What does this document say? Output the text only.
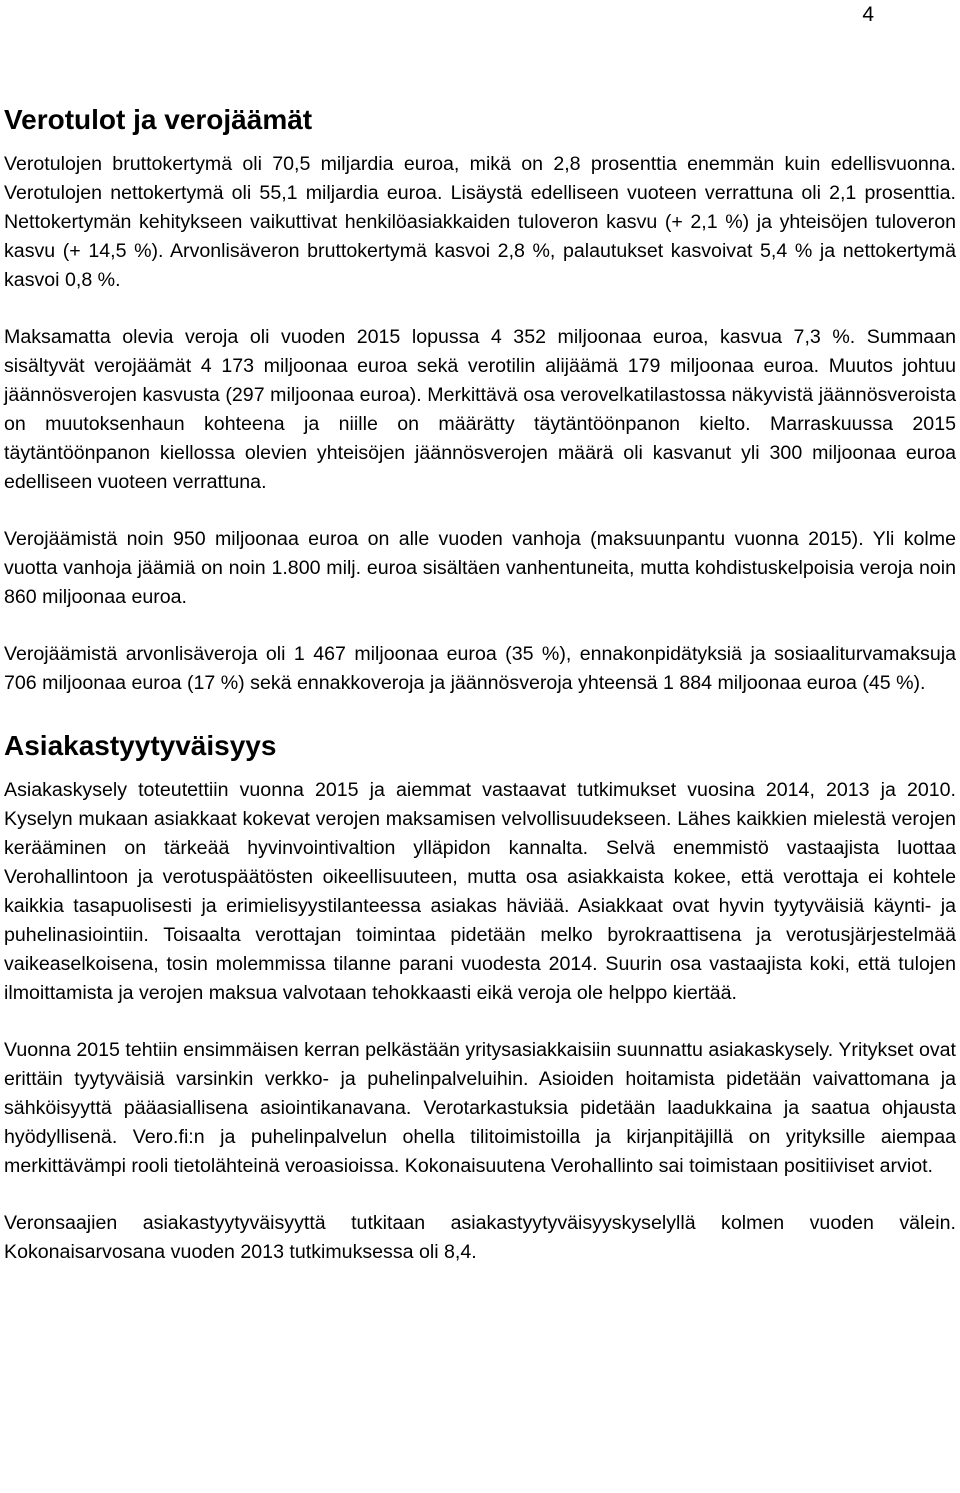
4
Verotulot ja verojäämät

Verotulojen bruttokertymä oli 70,5 miljardia euroa, mikä on 2,8 prosenttia enemmän kuin edellisvuonna. Verotulojen nettokertymä oli 55,1 miljardia euroa. Lisäystä edelliseen vuoteen verrattuna oli 2,1 prosenttia. Nettokertymän kehitykseen vaikuttivat henkilöasiakkaiden tuloveron kasvu (+ 2,1 %) ja yhteisöjen tuloveron kasvu (+ 14,5 %). Arvonlisäveron bruttokertymä kasvoi 2,8 %, palautukset kasvoivat 5,4 % ja nettokertymä kasvoi 0,8 %.

Maksamatta olevia veroja oli vuoden 2015 lopussa 4 352 miljoonaa euroa, kasvua 7,3 %. Summaan sisältyvät verojäämät 4 173 miljoonaa euroa sekä verotilin alijäämä 179 miljoonaa euroa. Muutos johtuu jäännösverojen kasvusta (297 miljoonaa euroa). Merkittävä osa verovelkatilastossa näkyvistä jäännösveroista on muutoksenhaun kohteena ja niille on määrätty täytäntöönpanon kielto. Marraskuussa 2015 täytäntöönpanon kiellossa olevien yhteisöjen jäännösverojen määrä oli kasvanut yli 300 miljoonaa euroa edelliseen vuoteen verrattuna.

Verojäämistä noin 950 miljoonaa euroa on alle vuoden vanhoja (maksuunpantu vuonna 2015). Yli kolme vuotta vanhoja jäämiä on noin 1.800 milj. euroa sisältäen vanhentuneita, mutta kohdistuskelpoisia veroja noin 860 miljoonaa euroa.

Verojäämistä arvonlisäveroja oli 1 467 miljoonaa euroa (35 %), ennakonpidätyksiä ja sosiaaliturvamaksuja 706 miljoonaa euroa (17 %) sekä ennakkoveroja ja jäännösveroja yhteensä 1 884 miljoonaa euroa (45 %).

Asiakastyytyväisyys

Asiakaskysely toteutettiin vuonna 2015 ja aiemmat vastaavat tutkimukset vuosina 2014, 2013 ja 2010. Kyselyn mukaan asiakkaat kokevat verojen maksamisen velvollisuudekseen. Lähes kaikkien mielestä verojen kerääminen on tärkeää hyvinvointivaltion ylläpidon kannalta. Selvä enemmistö vastaajista luottaa Verohallintoon ja verotuspäätösten oikeellisuuteen, mutta osa asiakkaista kokee, että verottaja ei kohtele kaikkia tasapuolisesti ja erimielisyystilanteessa asiakas häviää. Asiakkaat ovat hyvin tyytyväisiä käynti- ja puhelinasiointiin. Toisaalta verottajan toimintaa pidetään melko byrokraattisena ja verotusjärjestelmää vaikeaselkoisena, tosin molemmissa tilanne parani vuodesta 2014. Suurin osa vastaajista koki, että tulojen ilmoittamista ja verojen maksua valvotaan tehokkaasti eikä veroja ole helppo kiertää.

Vuonna 2015 tehtiin ensimmäisen kerran pelkästään yritysasiakkaisiin suunnattu asiakaskysely. Yritykset ovat erittäin tyytyväisiä varsinkin verkko- ja puhelinpalveluihin. Asioiden hoitamista pidetään vaivattomana ja sähköisyyttä pääasiallisena asiointikanavana. Verotarkastuksia pidetään laadukkaina ja saatua ohjausta hyödyllisenä. Vero.fi:n ja puhelinpalvelun ohella tilitoimistoilla ja kirjanpitäjillä on yrityksille aiempaa merkittävämpi rooli tietolähteinä veroasioissa. Kokonaisuutena Verohallinto sai toimistaan positiiviset arviot.

Veronsaajien asiakastyytyväisyyttä tutkitaan asiakastyytyväisyyskyselyllä kolmen vuoden välein. Kokonaisarvosana vuoden 2013 tutkimuksessa oli 8,4.
